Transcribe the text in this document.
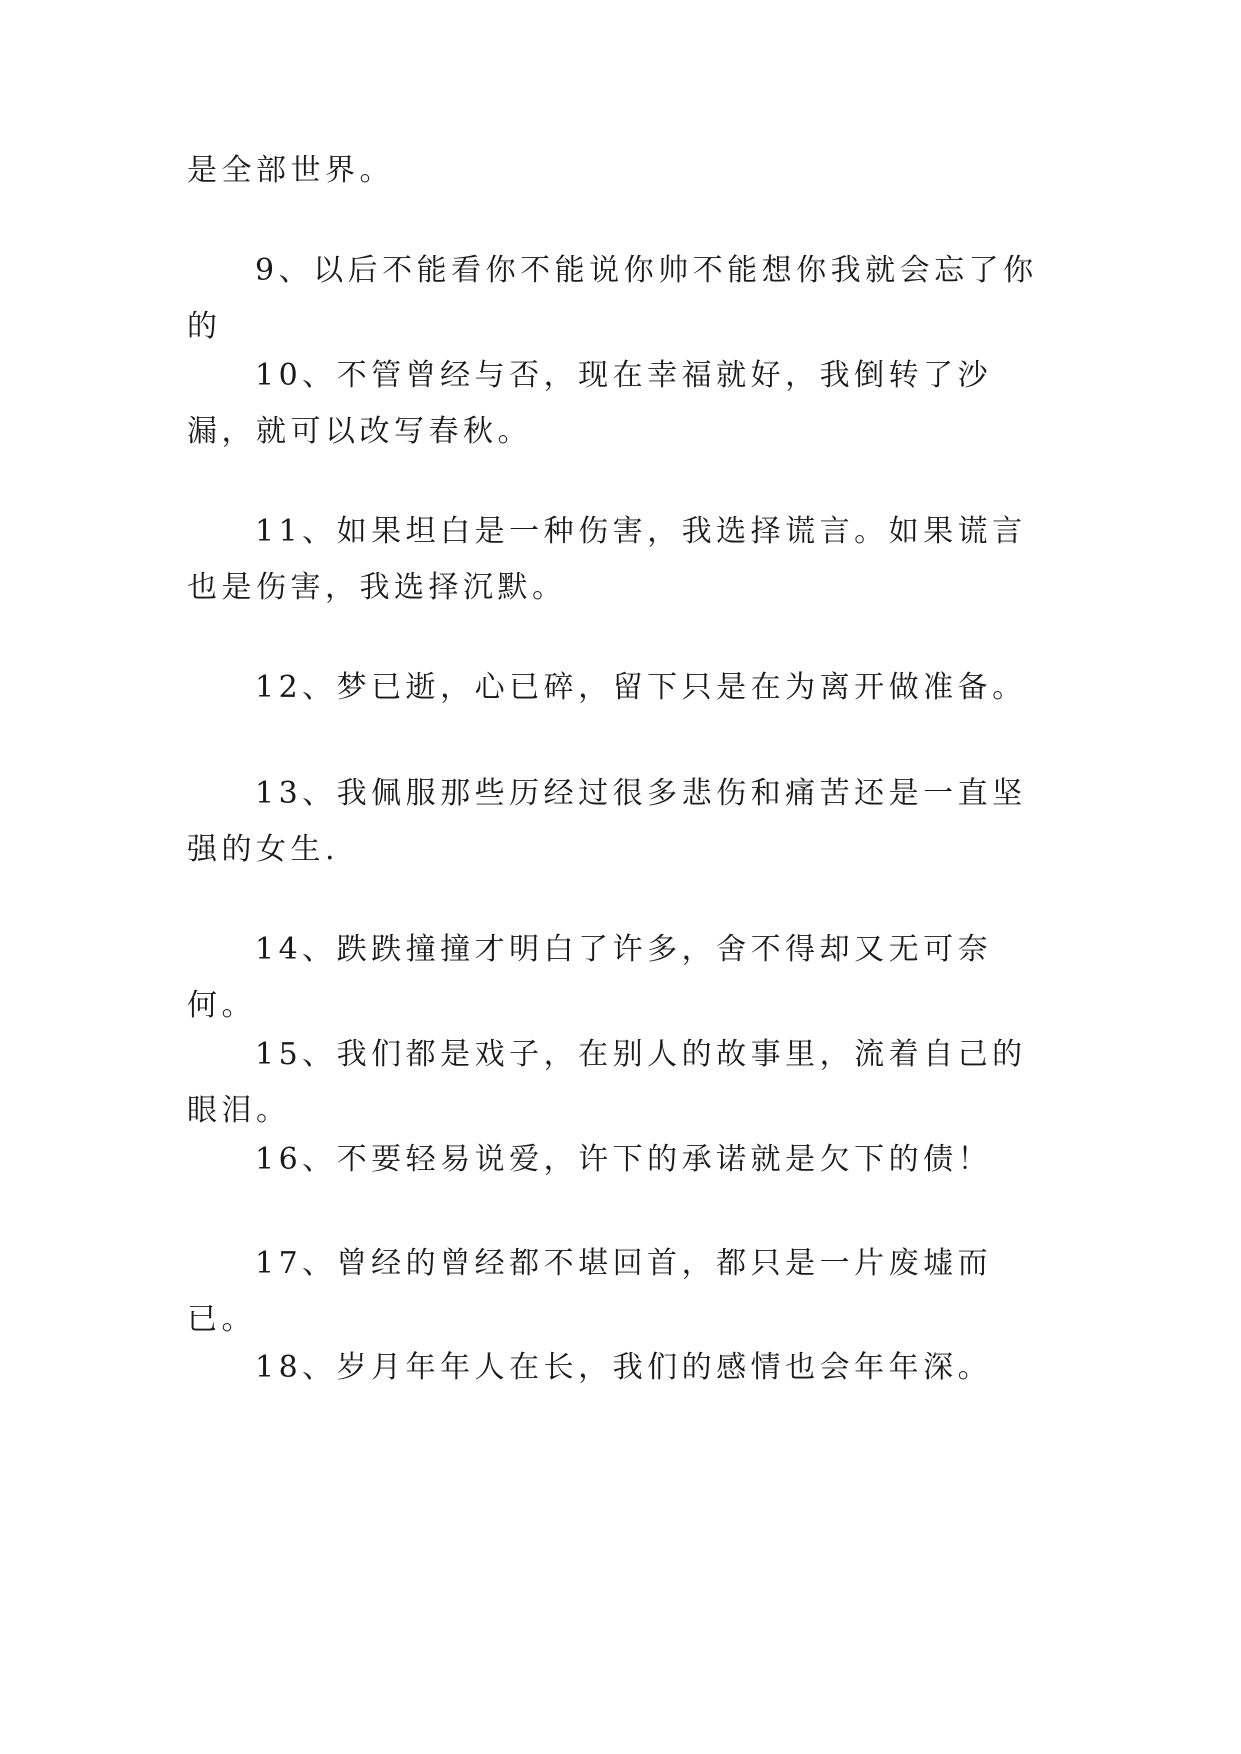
是全部世界。

9、以后不能看你不能说你帅不能想你我就会忘了你的

10、不管曾经与否，现在幸福就好，我倒转了沙漏，就可以改写春秋。

11、如果坦白是一种伤害，我选择谎言。如果谎言也是伤害，我选择沉默。

12、梦已逝，心已碎，留下只是在为离开做准备。

13、我佩服那些历经过很多悲伤和痛苦还是一直坚强的女生.

14、跌跌撞撞才明白了许多，舍不得却又无可奈何。

15、我们都是戏子，在别人的故事里，流着自己的眼泪。

16、不要轻易说爱，许下的承诺就是欠下的债！

17、曾经的曾经都不堪回首，都只是一片废墟而已。

18、岁月年年人在长，我们的感情也会年年深。
